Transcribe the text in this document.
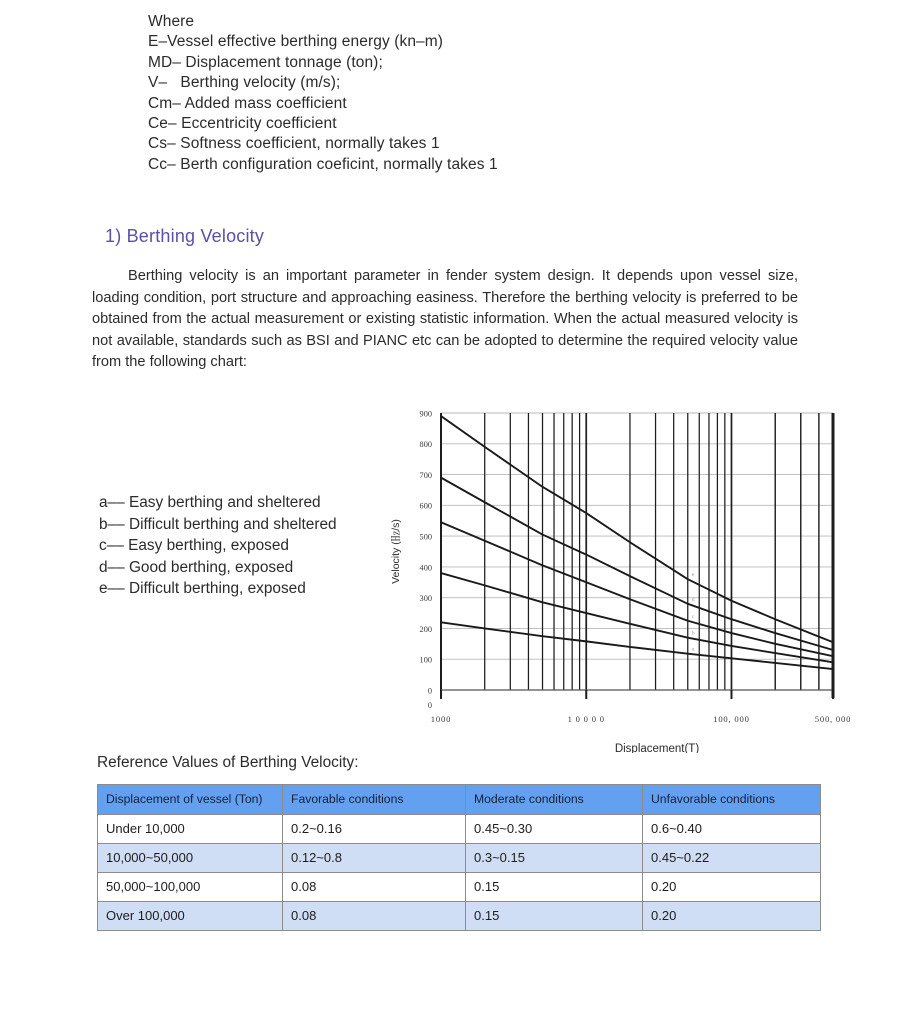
Where
E–Vessel effective berthing energy (kn–m)
MD– Displacement tonnage (ton);
V–   Berthing velocity (m/s);
Cm– Added mass coefficient
Ce– Eccentricity coefficient
Cs– Softness coefficient, normally takes 1
Cc– Berth configuration coeficint, normally takes 1
1) Berthing Velocity
Berthing velocity is an important parameter in fender system design. It depends upon vessel size, loading condition, port structure and approaching easiness. Therefore the berthing velocity is preferred to be obtained from the actual measurement or existing statistic information. When the actual measured velocity is not available, standards such as BSI and PIANC etc can be adopted to determine the required velocity value from the following chart:
a–– Easy berthing and sheltered
b–– Difficult berthing and sheltered
c–– Easy berthing, exposed
d–– Good berthing, exposed
e–– Difficult berthing, exposed
0
100
200
300
400
500
600
700
800
900
e
d
c
b
a
1000	1 0 0 0 0	100, 000	500, 000
0
Velocity (㎐/s)
Displacement(T)
Reference Values of Berthing Velocity:
Displacement of vessel (Ton)	Favorable conditions	Moderate conditions	Unfavorable conditions
Under 10,000	0.2~0.16	0.45~0.30	0.6~0.40
10,000~50,000	0.12~0.8	0.3~0.15	0.45~0.22
50,000~100,000	0.08	0.15	0.20
Over 100,000	0.08	0.15	0.20
